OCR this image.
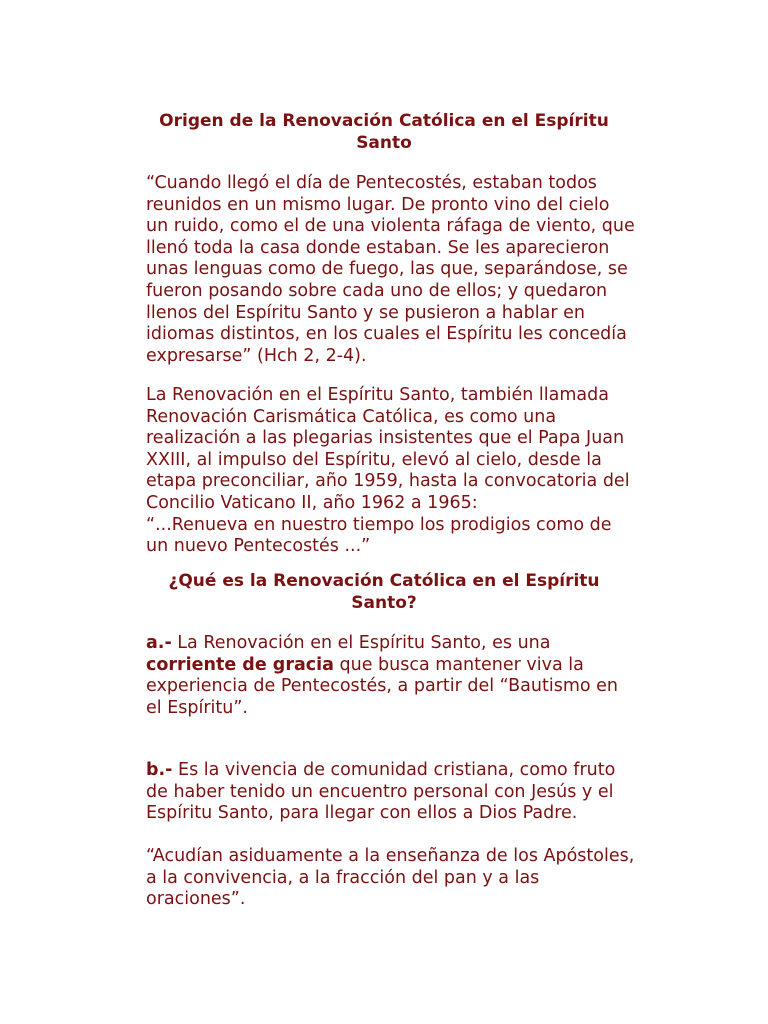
Origen de la Renovación Católica en el Espíritu Santo

“Cuando llegó el día de Pentecostés, estaban todos reunidos en un mismo lugar. De pronto vino del cielo un ruido, como el de una violenta ráfaga de viento, que llenó toda la casa donde estaban. Se les aparecieron unas lenguas como de fuego, las que, separándose, se fueron posando sobre cada uno de ellos; y quedaron llenos del Espíritu Santo y se pusieron a hablar en idiomas distintos, en los cuales el Espíritu les concedía expresarse” (Hch 2, 2-4).

La Renovación en el Espíritu Santo, también llamada Renovación Carismática Católica, es como una realización a las plegarias insistentes que el Papa Juan XXIII, al impulso del Espíritu, elevó al cielo, desde la etapa preconciliar, año 1959, hasta la convocatoria del Concilio Vaticano II, año 1962 a 1965:
“...Renueva en nuestro tiempo los prodigios como de un nuevo Pentecostés ...”

¿Qué es la Renovación Católica en el Espíritu Santo?

a.- La Renovación en el Espíritu Santo, es una corriente de gracia que busca mantener viva la experiencia de Pentecostés, a partir del “Bautismo en el Espíritu”.

b.- Es la vivencia de comunidad cristiana, como fruto de haber tenido un encuentro personal con Jesús y el Espíritu Santo, para llegar con ellos a Dios Padre.

“Acudían asiduamente a la enseñanza de los Apóstoles, a la convivencia, a la fracción del pan y a las oraciones”.
